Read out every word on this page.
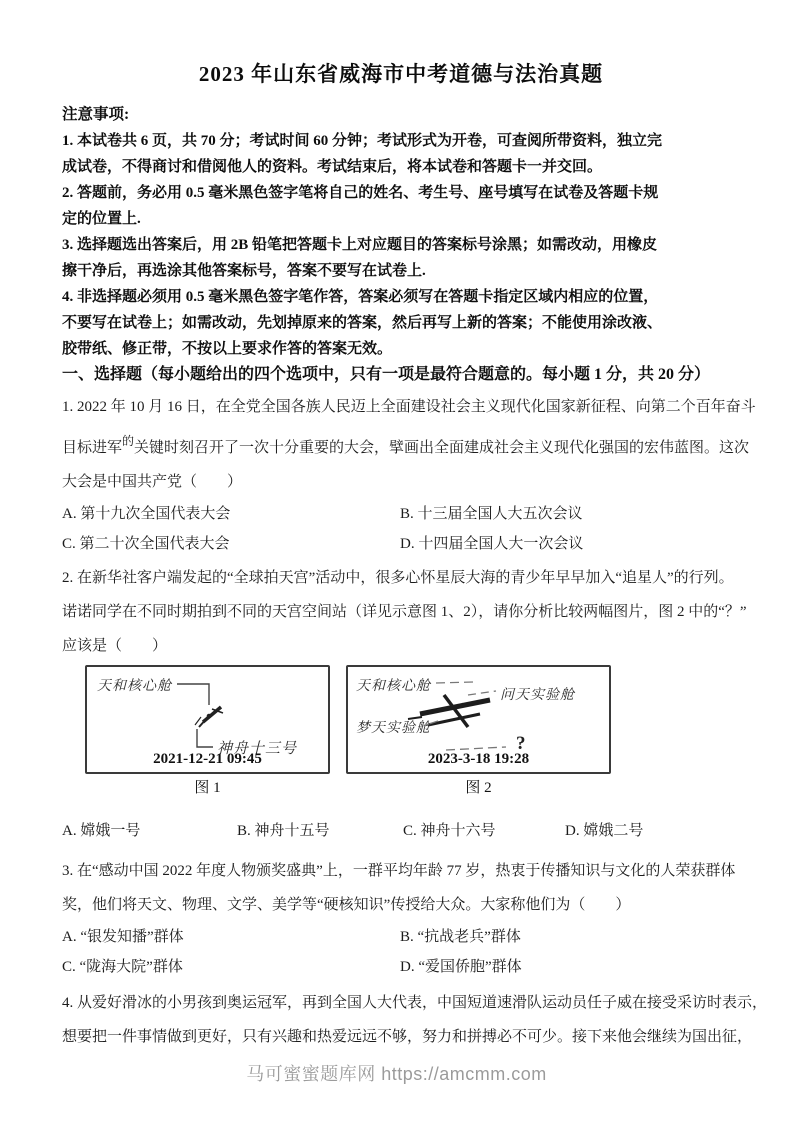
2023 年山东省威海市中考道德与法治真题
注意事项:
1. 本试卷共 6 页，共 70 分；考试时间 60 分钟；考试形式为开卷，可查阅所带资料，独立完
成试卷，不得商讨和借阅他人的资料。考试结束后，将本试卷和答题卡一并交回。
2. 答题前，务必用 0.5 毫米黑色签字笔将自己的姓名、考生号、座号填写在试卷及答题卡规
定的位置上.
3. 选择题选出答案后，用 2B 铅笔把答题卡上对应题目的答案标号涂黑；如需改动，用橡皮
擦干净后，再选涂其他答案标号，答案不要写在试卷上.
4. 非选择题必须用 0.5 毫米黑色签字笔作答，答案必须写在答题卡指定区域内相应的位置，
不要写在试卷上；如需改动，先划掉原来的答案，然后再写上新的答案；不能使用涂改液、
胶带纸、修正带，不按以上要求作答的答案无效。
一、选择题（每小题给出的四个选项中，只有一项是最符合题意的。每小题 1 分，共 20 分）
1. 2022 年 10 月 16 日，在全党全国各族人民迈上全面建设社会主义现代化国家新征程、向第二个百年奋斗
目标进军$^的$关键时刻召开了一次十分重要的大会，擘画出全面建成社会主义现代化强国的宏伟蓝图。这次
大会是中国共产党（　　）
A. 第十九次全国代表大会	B. 十三届全国人大五次会议
C. 第二十次全国代表大会	D. 十四届全国人大一次会议
2. 在新华社客户端发起的“全球拍天宫”活动中，很多心怀星辰大海的青少年早早加入“追星人”的行列。
诺诺同学在不同时期拍到不同的天宫空间站（详见示意图 1、2），请你分析比较两幅图片，图 2 中的“？”
应该是（　　）
天和核心舱
神舟十三号
2021-12-21 09:45
图 1
天和核心舱
问天实验舱
梦天实验舱
?
2023-3-18 19:28
图 2
A. 嫦娥一号	B. 神舟十五号	C. 神舟十六号	D. 嫦娥二号
3. 在“感动中国 2022 年度人物颁奖盛典”上，一群平均年龄 77 岁，热衷于传播知识与文化的人荣获群体
奖，他们将天文、物理、文学、美学等“硬核知识”传授给大众。大家称他们为（　　）
A. “银发知播”群体	B. “抗战老兵”群体
C. “陇海大院”群体	D. “爱国侨胞”群体
4. 从爱好滑冰的小男孩到奥运冠军，再到全国人大代表，中国短道速滑队运动员任子威在接受采访时表示，
想要把一件事情做到更好，只有兴趣和热爱远远不够，努力和拼搏必不可少。接下来他会继续为国出征，
马可蜜蜜题库网 https://amcmm.com
